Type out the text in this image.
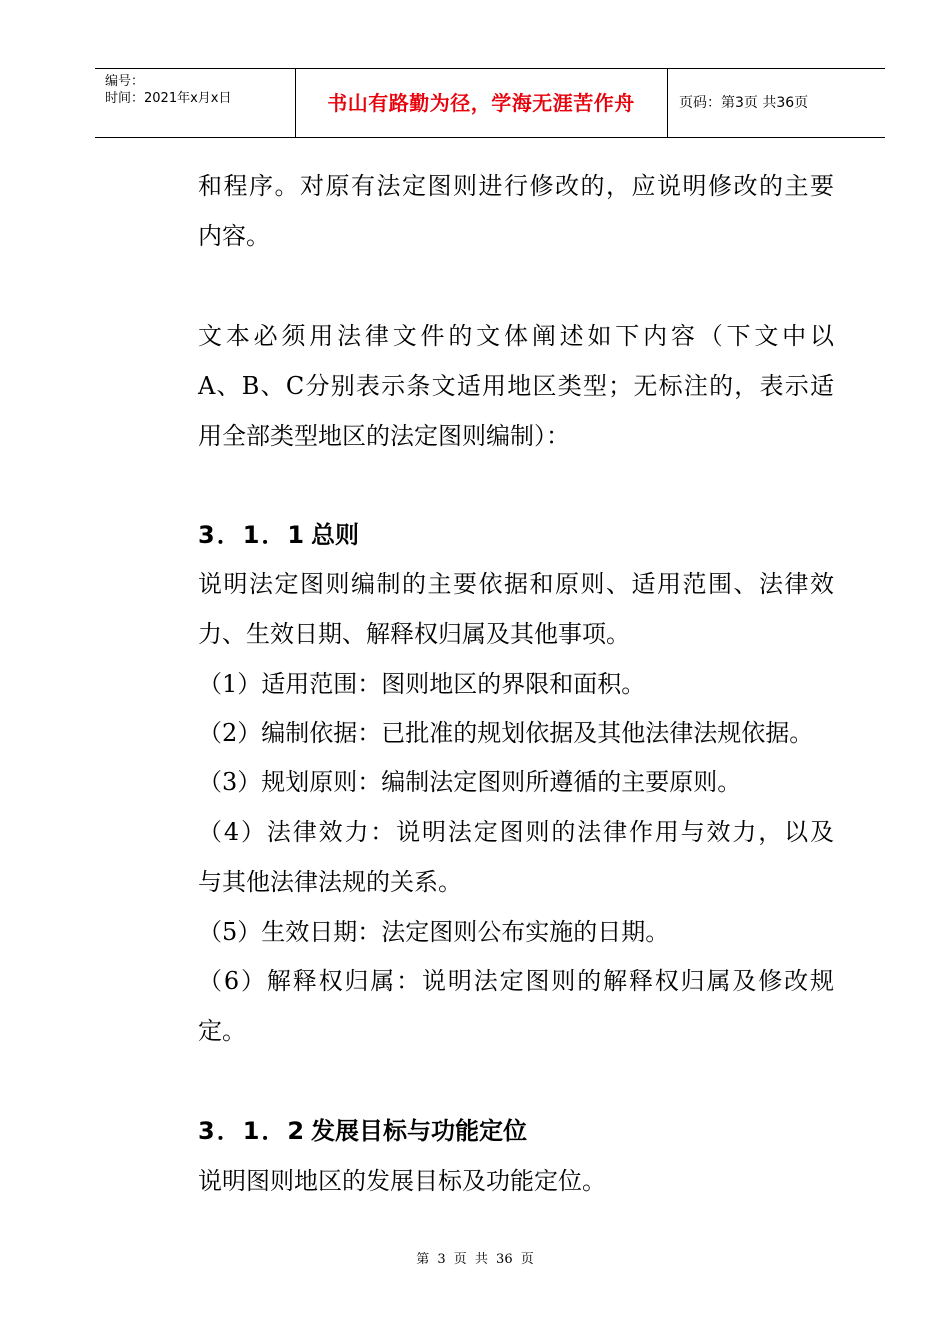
编号：
时间：2021年x月x日	书山有路勤为径，学海无涯苦作舟	页码：第3页 共36页
和程序。对原有法定图则进行修改的，应说明修改的主要
内容。
文本必须用法律文件的文体阐述如下内容（下文中以
A、B、C分别表示条文适用地区类型；无标注的，表示适
用全部类型地区的法定图则编制）：
3．1．1 总则
说明法定图则编制的主要依据和原则、适用范围、法律效
力、生效日期、解释权归属及其他事项。
（1）适用范围：图则地区的界限和面积。
（2）编制依据：已批准的规划依据及其他法律法规依据。
（3）规划原则：编制法定图则所遵循的主要原则。
（4）法律效力：说明法定图则的法律作用与效力，以及
与其他法律法规的关系。
（5）生效日期：法定图则公布实施的日期。
（6）解释权归属：说明法定图则的解释权归属及修改规
定。
3．1．2 发展目标与功能定位
说明图则地区的发展目标及功能定位。
第 3 页 共 36 页
